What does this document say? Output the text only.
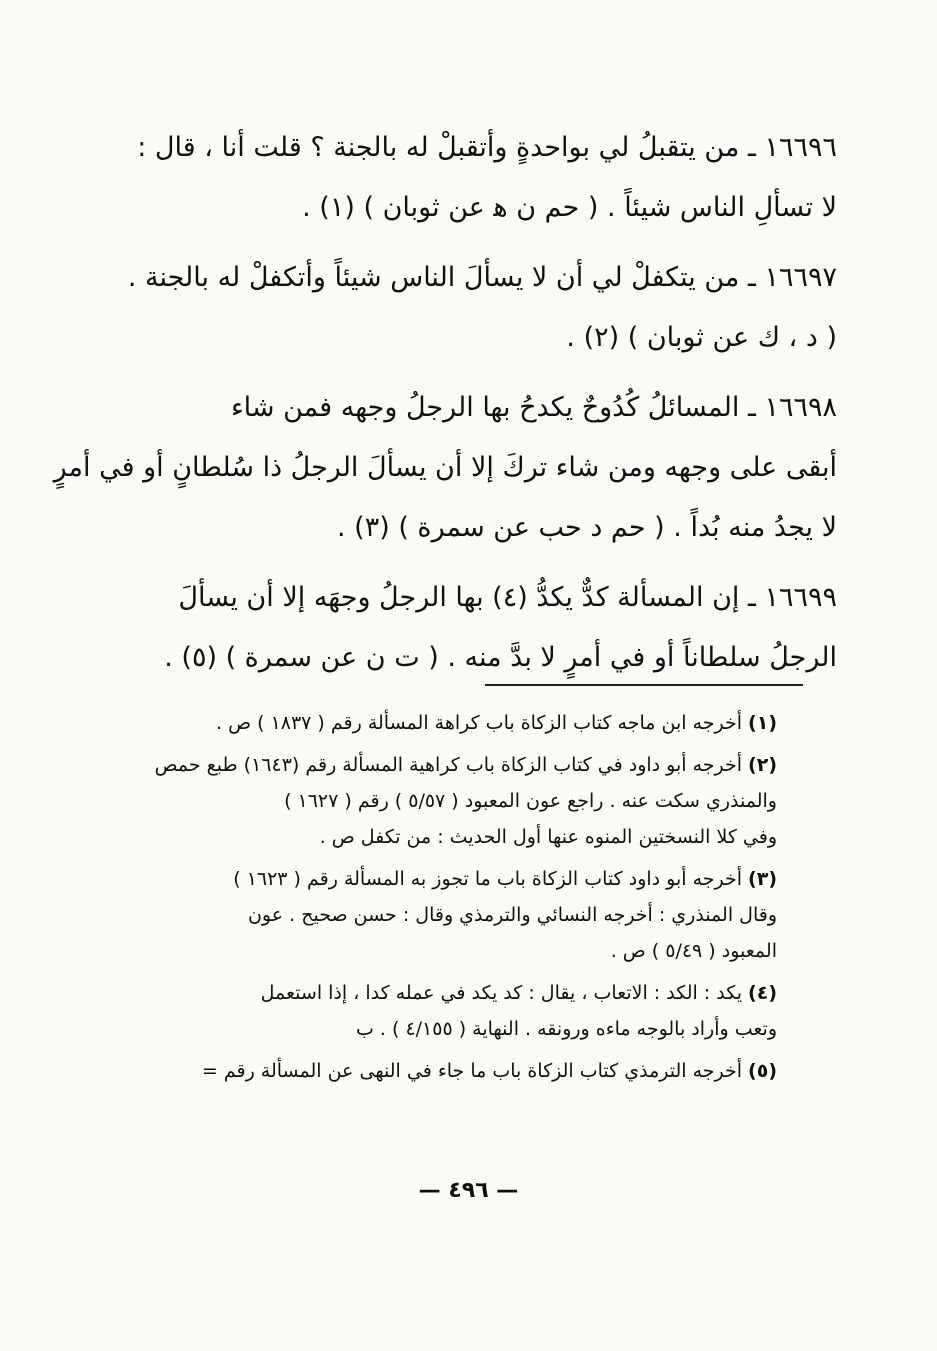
١٦٦٩٦ ـ من يتقبلُ لي بواحدةٍ وأتقبلْ له بالجنة ؟ قلت أنا ، قال :
لا تسألِ الناس شيئاً . ( حم ن ﻫ عن ثوبان ) (١) .
١٦٦٩٧ ـ من يتكفلْ لي أن لا يسألَ الناس شيئاً وأتكفلْ له بالجنة .
( د ، ك عن ثوبان ) (٢) .
١٦٦٩٨ ـ المسائلُ كُدُوحٌ يكدحُ بها الرجلُ وجهه فمن شاء
أبقى على وجهه ومن شاء تركَ إلا أن يسألَ الرجلُ ذا سُلطانٍ أو في أمرٍ
لا يجدُ منه بُداً . ( حم د حب عن سمرة ) (٣) .
١٦٦٩٩ ـ إن المسألة كدٌّ يكدُّ (٤) بها الرجلُ وجهَه إلا أن يسألَ
الرجلُ سلطاناً أو في أمرٍ لا بدَّ منه . ( ت ن عن سمرة ) (٥) .
(١)أخرجه ابن ماجه كتاب الزكاة باب كراهة المسألة رقم ( ١٨٣٧ ) ص .
(٢)أخرجه أبو داود في كتاب الزكاة باب كراهية المسألة رقم (١٦٤٣) طبع حمص
والمنذري سكت عنه . راجع عون المعبود ( ٥/٥٧ ) رقم ( ١٦٢٧ )
وفي كلا النسختين المنوه عنها أول الحديث : من تكفل ص .
(٣)أخرجه أبو داود كتاب الزكاة باب ما تجوز به المسألة رقم ( ١٦٢٣ )
وقال المنذري : أخرجه النسائي والترمذي وقال : حسن صحيح . عون
المعبود ( ٥/٤٩ ) ص .
(٤)يكد : الكد : الاتعاب ، يقال : كد يكد في عمله كدا ، إذا استعمل
وتعب وأراد بالوجه ماءه ورونقه . النهاية ( ٤/١٥٥ ) . ب
(٥)أخرجه الترمذي كتاب الزكاة باب ما جاء في النهى عن المسألة رقم =
— ٤٩٦ —
